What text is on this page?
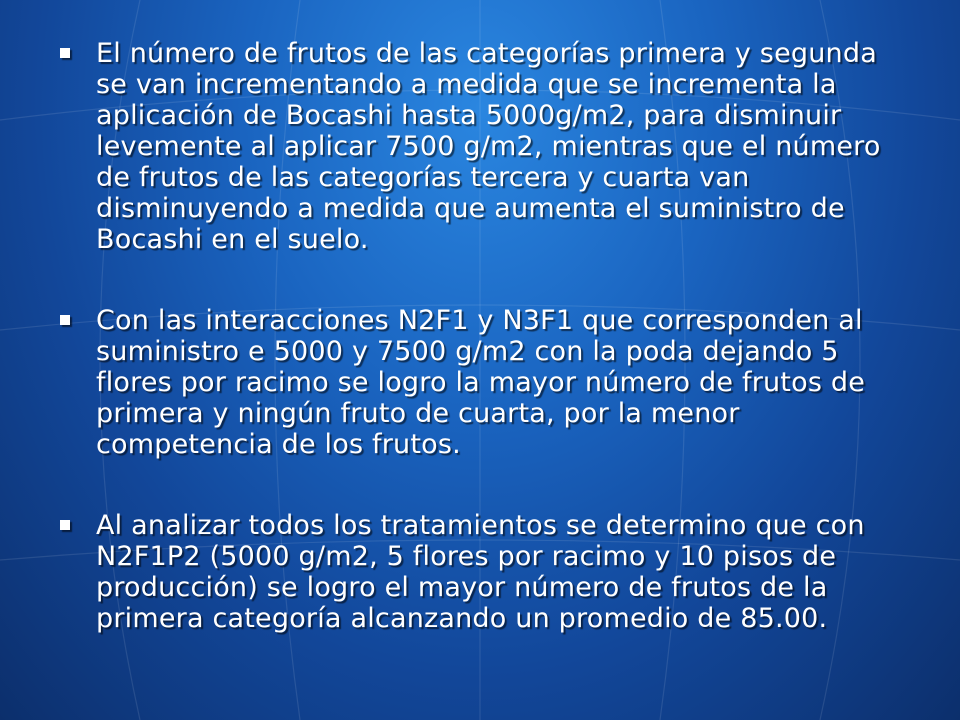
El número de frutos de las categorías primera y segunda se van incrementando a medida que se incrementa la aplicación de Bocashi hasta 5000g/m2, para disminuir levemente al aplicar 7500 g/m2, mientras que el número de frutos de las categorías tercera y cuarta van disminuyendo a medida que aumenta el suministro de Bocashi en el suelo.
Con las interacciones N2F1 y N3F1 que corresponden al suministro e 5000 y 7500 g/m2 con la poda dejando 5 flores por racimo se logro la mayor número de frutos de primera y ningún fruto de cuarta, por la menor competencia de los frutos.
Al analizar todos los tratamientos se determino que con N2F1P2 (5000 g/m2, 5 flores por racimo y 10 pisos de producción) se logro el mayor número de frutos de la primera categoría alcanzando un promedio de 85.00.
